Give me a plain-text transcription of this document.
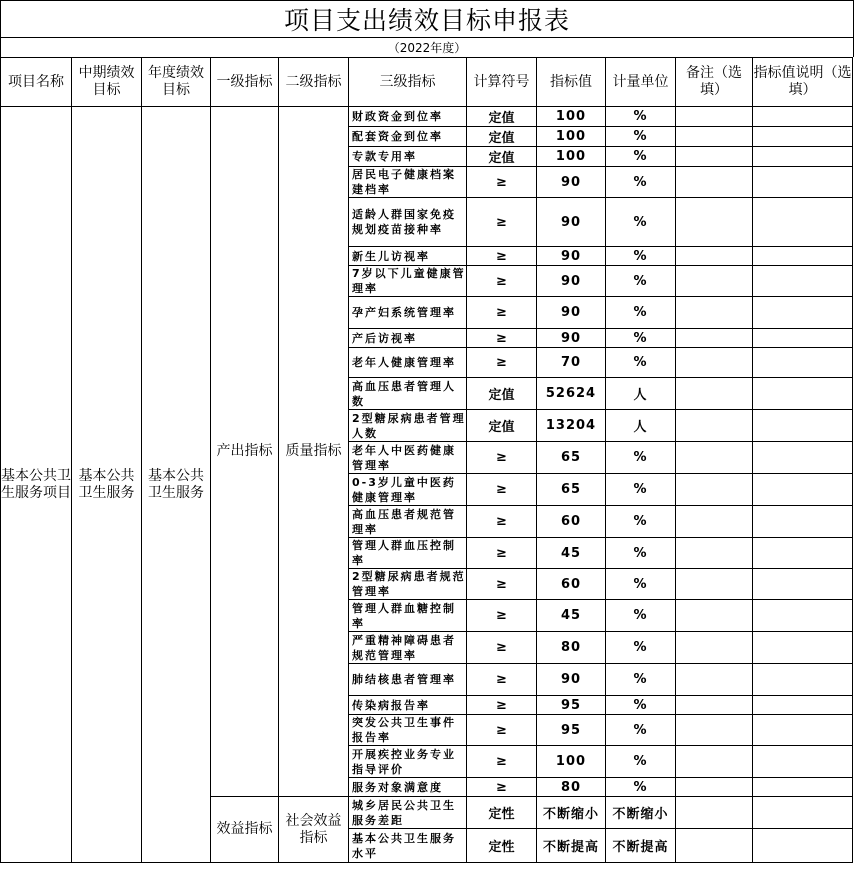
项目支出绩效目标申报表
（2022年度）
项目名称	中期绩效目标	年度绩效目标	一级指标	二级指标	三级指标	计算符号	指标值	计量单位	备注（选填）	指标值说明（选填）
基本公共卫生服务项目	基本公共卫生服务	基本公共卫生服务	产出指标	质量指标	财政资金到位率	定值	100	%		
					配套资金到位率	定值	100	%		
					专款专用率	定值	100	%		
					居民电子健康档案建档率	≥	90	%		
					适龄人群国家免疫规划疫苗接种率	≥	90	%		
					新生儿访视率	≥	90	%		
					7岁以下儿童健康管理率	≥	90	%		
					孕产妇系统管理率	≥	90	%		
					产后访视率	≥	90	%		
					老年人健康管理率	≥	70	%		
					高血压患者管理人数	定值	52624	人		
					2型糖尿病患者管理人数	定值	13204	人		
					老年人中医药健康管理率	≥	65	%		
					0-3岁儿童中医药健康管理率	≥	65	%		
					高血压患者规范管理率	≥	60	%		
					管理人群血压控制率	≥	45	%		
					2型糖尿病患者规范管理率	≥	60	%		
					管理人群血糖控制率	≥	45	%		
					严重精神障碍患者规范管理率	≥	80	%		
					肺结核患者管理率	≥	90	%		
					传染病报告率	≥	95	%		
					突发公共卫生事件报告率	≥	95	%		
					开展疾控业务专业指导评价	≥	100	%		
					服务对象满意度	≥	80	%		
			效益指标	社会效益指标	城乡居民公共卫生服务差距	定性	不断缩小	不断缩小		
					基本公共卫生服务水平	定性	不断提高	不断提高		
